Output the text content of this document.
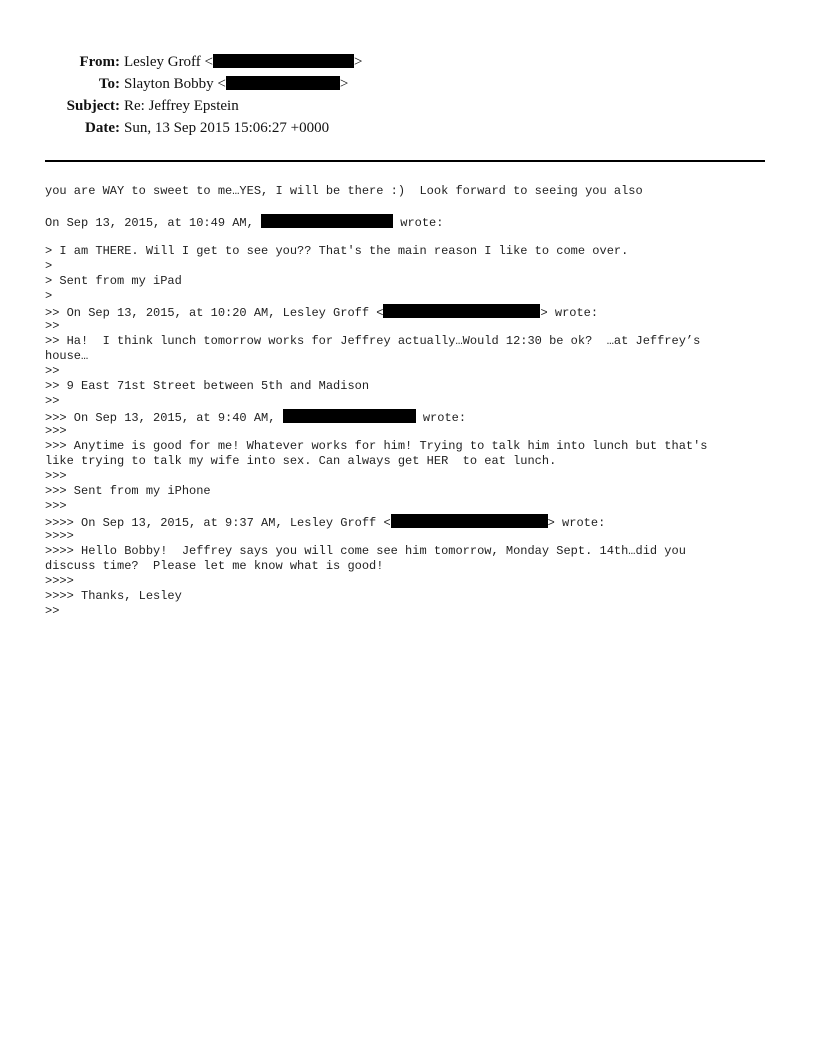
From: Lesley Groff <	>
To: Slayton Bobby <	>
Subject: Re: Jeffrey Epstein
Date: Sun, 13 Sep 2015 15:06:27 +0000
you are WAY to sweet to me…YES, I will be there :)  Look forward to seeing you also
On Sep 13, 2015, at 10:49 AM,	wrote:
> I am THERE. Will I get to see you?? That's the main reason I like to come over.
>
> Sent from my iPad
>
>> On Sep 13, 2015, at 10:20 AM, Lesley Groff <	> wrote:
>>
>> Ha!  I think lunch tomorrow works for Jeffrey actually…Would 12:30 be ok?  …at Jeffrey’s
house…
>>
>> 9 East 71st Street between 5th and Madison
>>
>>> On Sep 13, 2015, at 9:40 AM,	wrote:
>>>
>>> Anytime is good for me! Whatever works for him! Trying to talk him into lunch but that's
like trying to talk my wife into sex. Can always get HER  to eat lunch.
>>>
>>> Sent from my iPhone
>>>
>>>> On Sep 13, 2015, at 9:37 AM, Lesley Groff <	> wrote:
>>>>
>>>> Hello Bobby!  Jeffrey says you will come see him tomorrow, Monday Sept. 14th…did you
discuss time?  Please let me know what is good!
>>>>
>>>> Thanks, Lesley
>>
